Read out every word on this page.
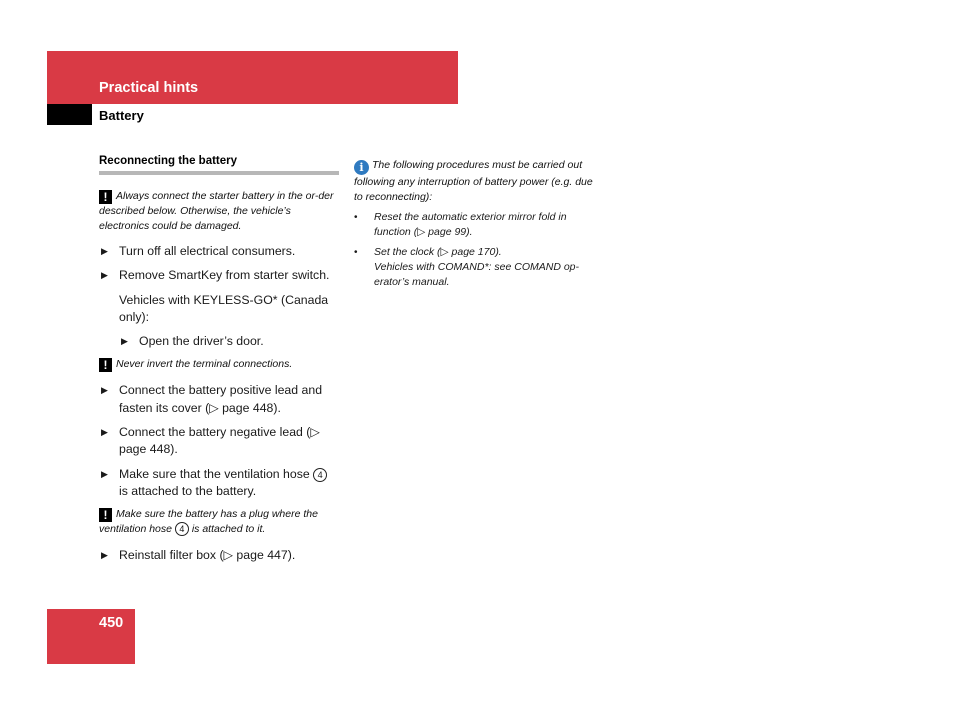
Practical hints
Battery
Reconnecting the battery
! Always connect the starter battery in the or-der described below. Otherwise, the vehicle’s electronics could be damaged.
▶ Turn off all electrical consumers.
▶ Remove SmartKey from starter switch.
Vehicles with KEYLESS-GO* (Canada only):
▶ Open the driver’s door.
! Never invert the terminal connections.
▶ Connect the battery positive lead and fasten its cover (▷ page 448).
▶ Connect the battery negative lead (▷ page 448).
▶ Make sure that the ventilation hose 4 is attached to the battery.
! Make sure the battery has a plug where the ventilation hose 4 is attached to it.
▶ Reinstall filter box (▷ page 447).
i The following procedures must be carried out following any interruption of battery power (e.g. due to reconnecting):
• Reset the automatic exterior mirror fold in function (▷ page 99).
• Set the clock (▷ page 170).
Vehicles with COMAND*: see COMAND op-erator’s manual.
450
